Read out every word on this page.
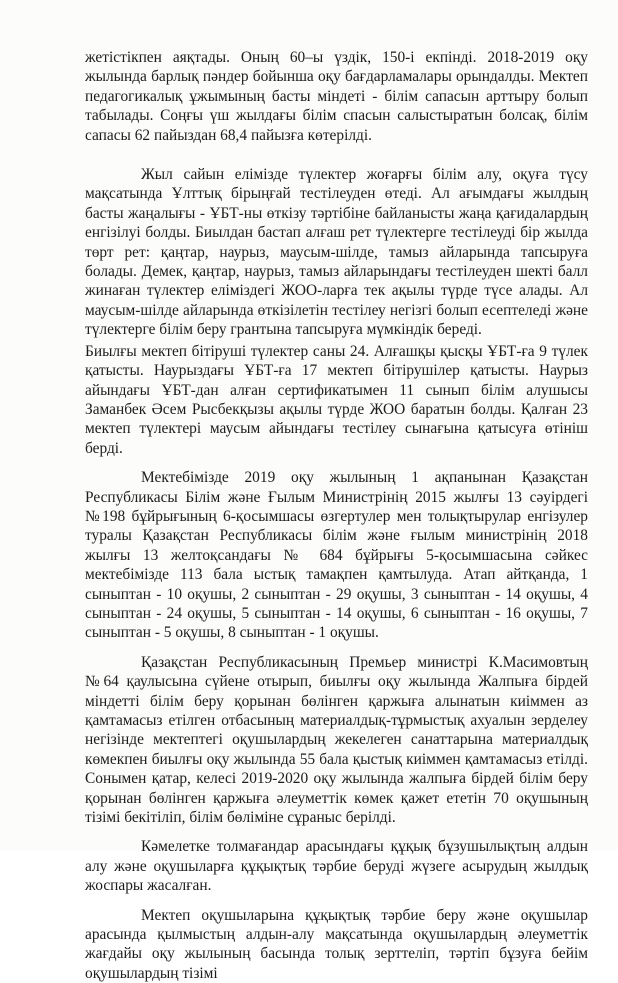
жетістікпен аяқтады. Оның 60–ы үздік, 150-і екпінді. 2018-2019 оқу жылында барлық пәндер бойынша оқу бағдарламалары орындалды. Мектеп педагогикалық ұжымының басты міндеті - білім сапасын арттыру болып табылады. Соңғы үш жылдағы білім спасын салыстыратын болсақ, білім сапасы 62 пайыздан 68,4 пайызға көтерілді.

Жыл сайын елімізде түлектер жоғарғы білім алу, оқуға түсу мақсатында Ұлттық бірыңғай тестілеуден өтеді. Ал ағымдағы жылдың басты жаңалығы - ҰБТ-ны өткізу тәртібіне байланысты жаңа қағидалардың енгізілуі болды. Биылдан бастап алғаш рет түлектерге тестілеуді бір жылда төрт рет: қаңтар, наурыз, маусым-шілде, тамыз айларында тапсыруға болады. Демек, қаңтар, наурыз, тамыз айларындағы тестілеуден шекті балл жинаған түлектер еліміздегі ЖОО-ларға тек ақылы түрде түсе алады. Ал маусым-шілде айларында өткізілетін тестілеу негізгі болып есептеледі және түлектерге білім беру грантына тапсыруға мүмкіндік береді.

Биылғы мектеп бітіруші түлектер саны 24. Алғашқы қысқы ҰБТ-ға 9 түлек қатысты. Наурыздағы ҰБТ-ға 17 мектеп бітірушілер қатысты. Наурыз айындағы ҰБТ-дан алған сертификатымен 11 сынып білім алушысы Заманбек Әсем Рысбекқызы ақылы түрде ЖОО баратын болды. Қалған 23 мектеп түлектері маусым айындағы тестілеу сынағына қатысуға өтініш берді.

Мектебімізде 2019 оқу жылының 1 ақпанынан Қазақстан Республикасы Білім және Ғылым Министрінің 2015 жылғы 13 сәуірдегі №198 бұйрығының 6-қосымшасы өзгертулер мен толықтырулар енгізулер туралы Қазақстан Республикасы білім және ғылым министрінің 2018 жылғы 13 желтоқсандағы № 684 бұйрығы 5-қосымшасына сәйкес мектебімізде 113 бала ыстық тамақпен қамтылуда. Атап айтқанда, 1 сыныптан - 10 оқушы, 2 сыныптан - 29 оқушы, 3 сыныптан - 14 оқушы, 4 сыныптан - 24 оқушы, 5 сыныптан - 14 оқушы, 6 сыныптан - 16 оқушы, 7 сыныптан - 5 оқушы, 8 сыныптан - 1 оқушы.

Қазақстан Республикасының Премьер министрі К.Масимовтың №64 қаулысына сүйене отырып, биылғы оқу жылында Жалпыға бірдей міндетті білім беру қорынан бөлінген қаржыға алынатын киіммен аз қамтамасыз етілген отбасының материалдық-тұрмыстық ахуалын зерделеу негізінде мектептегі оқушылардың жекелеген санаттарына материалдық көмекпен биылғы оқу жылында 55 бала қыстық киіммен қамтамасыз етілді. Сонымен қатар, келесі 2019-2020 оқу жылында жалпыға бірдей білім беру қорынан бөлінген қаржыға әлеуметтік көмек қажет ететін 70 оқушының тізімі бекітіліп, білім бөліміне сұраныс берілді.

Кәмелетке толмағандар арасындағы құқық бұзушылықтың алдын алу және оқушыларға құқықтық тәрбие беруді жүзеге асырудың жылдық жоспары жасалған.

Мектеп оқушыларына құқықтық тәрбие беру және оқушылар арасында қылмыстың алдын-алу мақсатында оқушылардың әлеуметтік жағдайы оқу жылының басында толық зерттеліп, тәртіп бұзуға бейім оқушылардың тізімі
